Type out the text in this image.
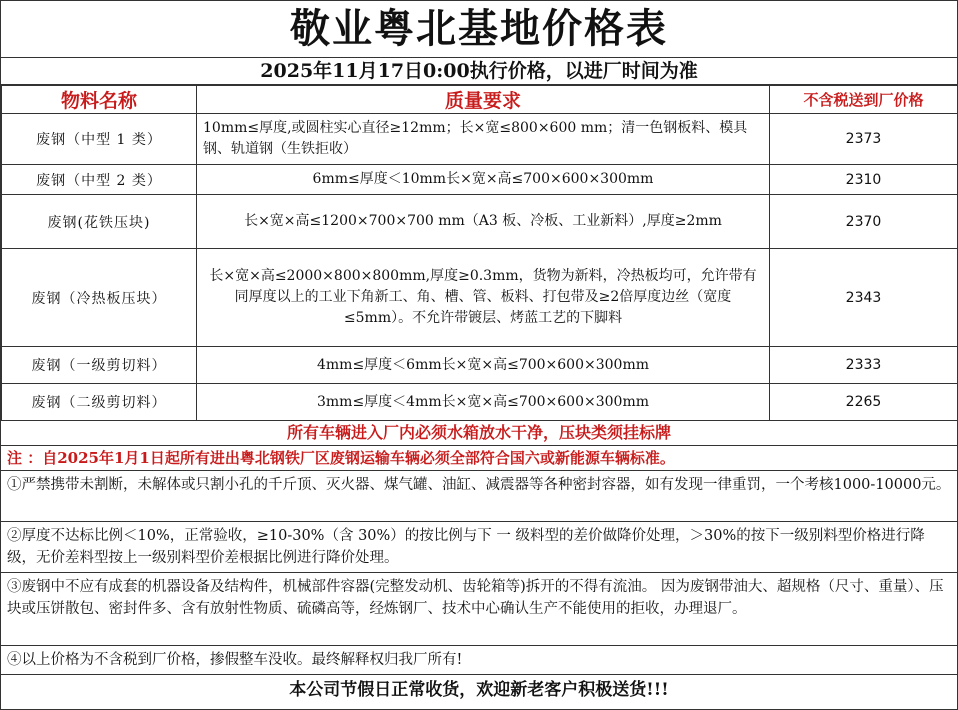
敬业粤北基地价格表
2025年11月17日0:00执行价格，以进厂时间为准
物料名称	质量要求	不含税送到厂价格
废钢（中型 1 类）	10mm≤厚度,或圆柱实心直径≥12mm；长×宽≤800×600 mm；清一色钢板料、模具钢、轨道钢（生铁拒收）	2373
废钢（中型 2 类）	6mm≤厚度＜10mm长×宽×高≤700×600×300mm	2310
废钢(花铁压块)	长×宽×高≤1200×700×700 mm（A3 板、冷板、工业新料）,厚度≥2mm	2370
废钢（冷热板压块）	长×宽×高≤2000×800×800mm,厚度≥0.3mm，货物为新料，冷热板均可，允许带有同厚度以上的工业下角新工、角、槽、管、板料、打包带及≥2倍厚度边丝（宽度≤5mm）。不允许带镀层、烤蓝工艺的下脚料	2343
废钢（一级剪切料）	4mm≤厚度＜6mm长×宽×高≤700×600×300mm	2333
废钢（二级剪切料）	3mm≤厚度＜4mm长×宽×高≤700×600×300mm	2265
所有车辆进入厂内必须水箱放水干净，压块类须挂标牌
注 ：自2025年1月1日起所有进出粤北钢铁厂区废钢运输车辆必须全部符合国六或新能源车辆标准。
①严禁携带未割断，未解体或只割小孔的千斤顶、灭火器、煤气罐、油缸、减震器等各种密封容器，如有发现一律重罚，一个考核1000-10000元。
②厚度不达标比例＜10%，正常验收，≥10-30%（含 30%）的按比例与下 一 级料型的差价做降价处理，＞30%的按下一级别料型价格进行降级，无价差料型按上一级别料型价差根据比例进行降价处理。
③废钢中不应有成套的机器设备及结构件，机械部件容器(完整发动机、齿轮箱等)拆开的不得有流油。 因为废钢带油大、超规格（尺寸、重量）、压块或压饼散包、密封件多、含有放射性物质、硫磷高等，经炼钢厂、技术中心确认生产不能使用的拒收，办理退厂。
④以上价格为不含税到厂价格，掺假整车没收。最终解释权归我厂所有!
本公司节假日正常收货，欢迎新老客户积极送货!!!
